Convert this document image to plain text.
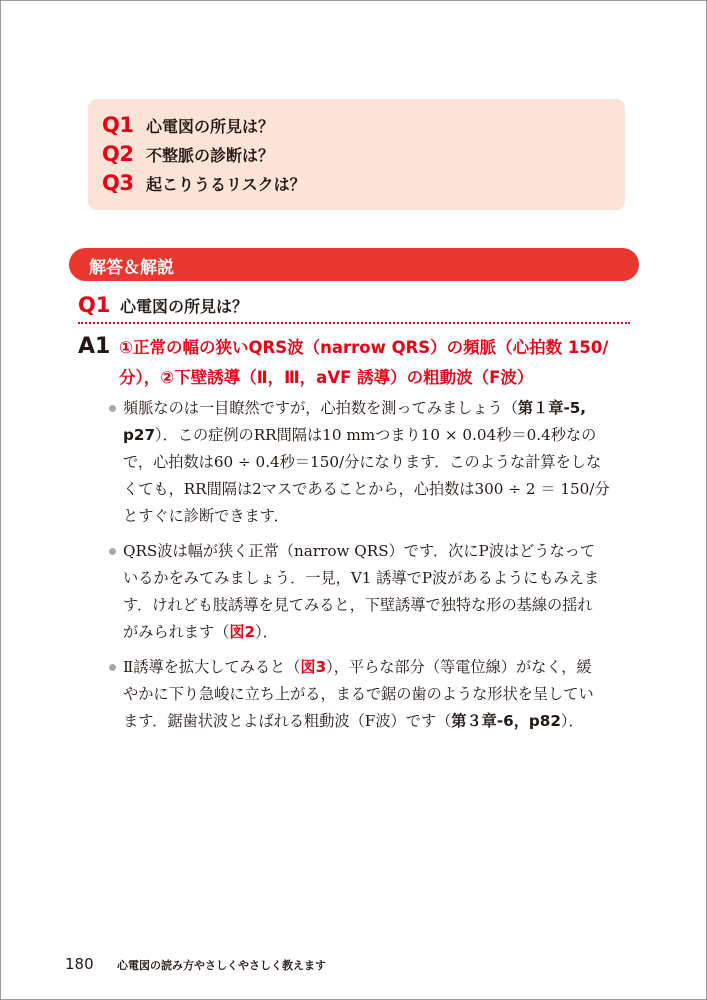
Q1 心電図の所見は？
Q2 不整脈の診断は？
Q3 起こりうるリスクは？
解答＆解説
Q1 心電図の所見は？
A1 ①正常の幅の狭いQRS波（narrow QRS）の頻脈（心拍数 150/
分），②下壁誘導（Ⅱ，Ⅲ，aVF 誘導）の粗動波（F波）
頻脈なのは一目瞭然ですが，心拍数を測ってみましょう（第１章-5,
p27）．この症例のRR間隔は10 mmつまり10 × 0.04秒＝0.4秒なの
で，心拍数は60 ÷ 0.4秒＝150/分になります．このような計算をしな
くても，RR間隔は2マスであることから，心拍数は300 ÷ 2 ＝ 150/分
とすぐに診断できます．
QRS波は幅が狭く正常（narrow QRS）です．次にP波はどうなって
いるかをみてみましょう．一見，V1 誘導でP波があるようにもみえま
す．けれども肢誘導を見てみると，下壁誘導で独特な形の基線の揺れ
がみられます（図2）．
Ⅱ誘導を拡大してみると（図3），平らな部分（等電位線）がなく，緩
やかに下り急峻に立ち上がる，まるで鋸の歯のような形状を呈してい
ます．鋸歯状波とよばれる粗動波（F波）です（第３章-6，p82）．
180	心電図の読み方やさしくやさしく教えます
